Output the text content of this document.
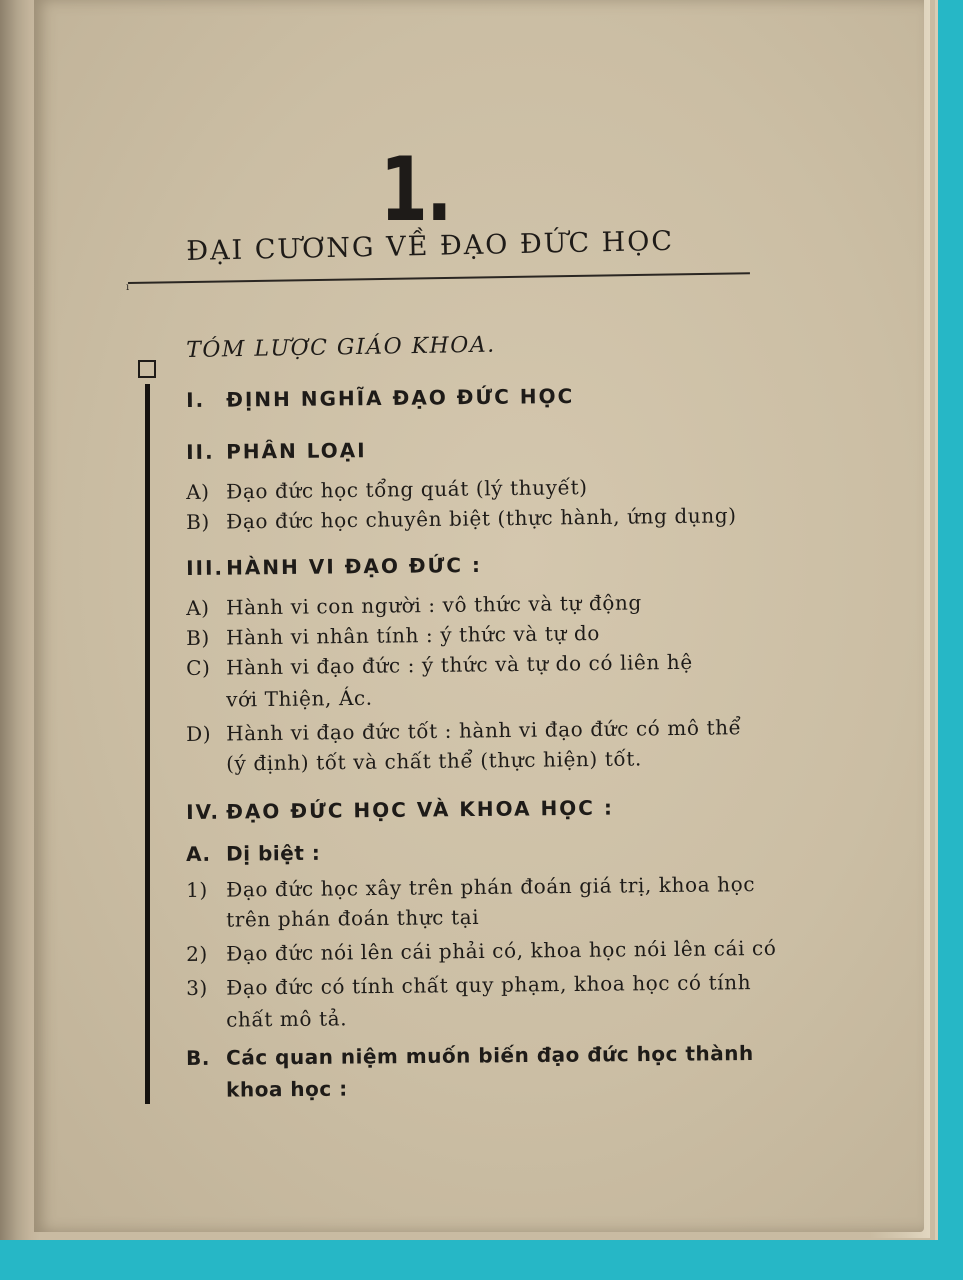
1.
ĐẠI CƯƠNG VỀ ĐẠO ĐỨC HỌC
ı
TÓM LƯỢC GIÁO KHOA.
I. ĐỊNH NGHĨA ĐẠO ĐỨC HỌC
II. PHÂN LOẠI
A) Đạo đức học tổng quát (lý thuyết)
B) Đạo đức học chuyên biệt (thực hành, ứng dụng)
III.HÀNH VI ĐẠO ĐỨC :
A) Hành vi con người : vô thức và tự động
B) Hành vi nhân tính : ý thức và tự do
C) Hành vi đạo đức : ý thức và tự do có liên hệ
với Thiện, Ác.
D) Hành vi đạo đức tốt : hành vi đạo đức có mô thể
(ý định) tốt và chất thể (thực hiện) tốt.
IV. ĐẠO ĐỨC HỌC VÀ KHOA HỌC :
A. Dị biệt :
1) Đạo đức học xây trên phán đoán giá trị, khoa học
trên phán đoán thực tại
2) Đạo đức nói lên cái phải có, khoa học nói lên cái có
3) Đạo đức có tính chất quy phạm, khoa học có tính
chất mô tả.
B. Các quan niệm muốn biến đạo đức học thành
khoa học :
